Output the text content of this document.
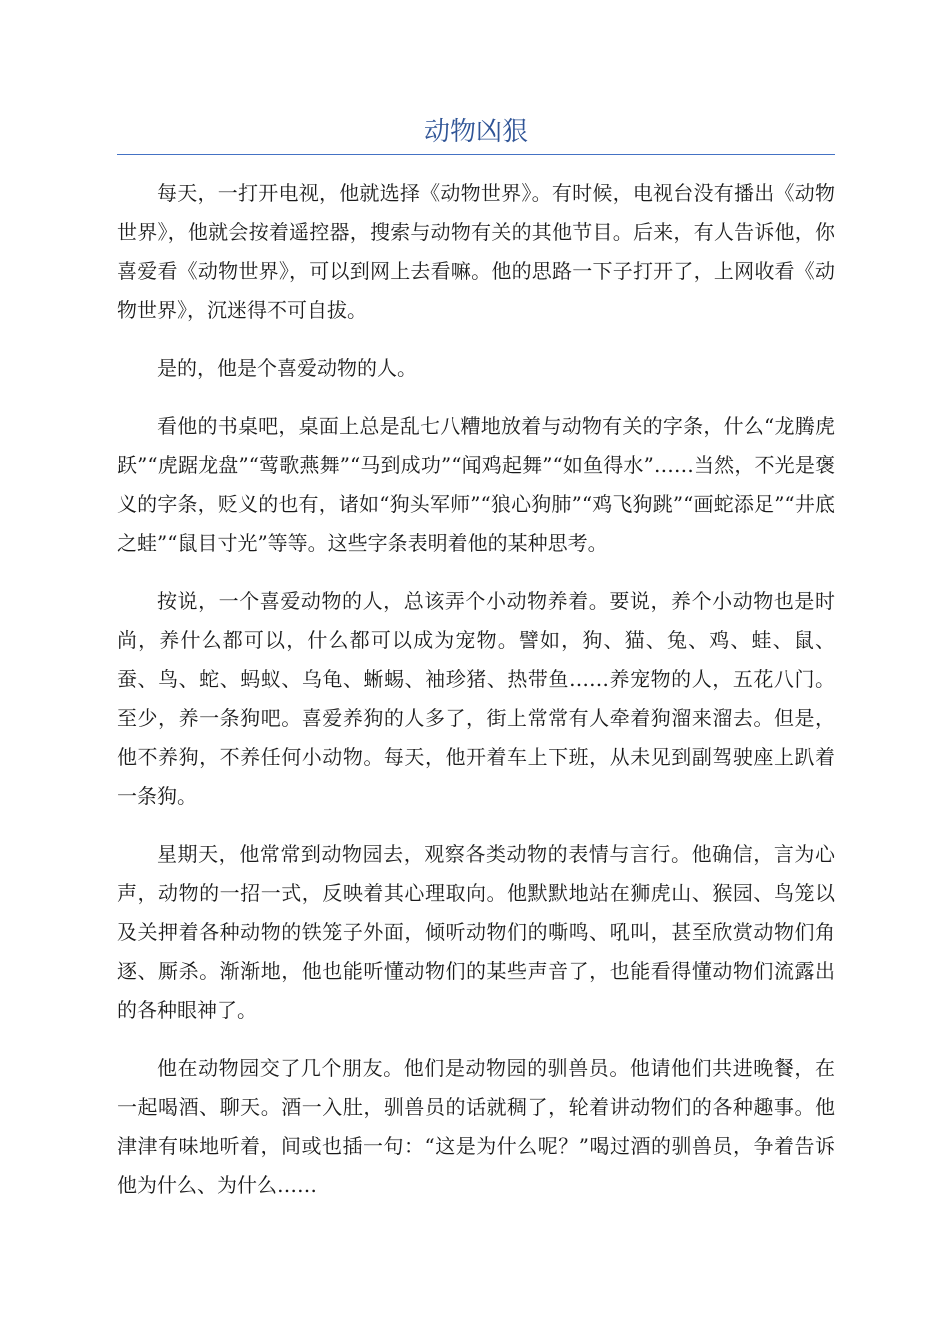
动物凶狠

每天，一打开电视，他就选择《动物世界》。有时候，电视台没有播出《动物世界》，他就会按着遥控器，搜索与动物有关的其他节目。后来，有人告诉他，你喜爱看《动物世界》，可以到网上去看嘛。他的思路一下子打开了，上网收看《动物世界》，沉迷得不可自拔。

是的，他是个喜爱动物的人。

看他的书桌吧，桌面上总是乱七八糟地放着与动物有关的字条，什么“龙腾虎跃”“虎踞龙盘”“莺歌燕舞”“马到成功”“闻鸡起舞”“如鱼得水”……当然，不光是褒义的字条，贬义的也有，诸如“狗头军师”“狼心狗肺”“鸡飞狗跳”“画蛇添足”“井底之蛙”“鼠目寸光”等等。这些字条表明着他的某种思考。

按说，一个喜爱动物的人，总该弄个小动物养着。要说，养个小动物也是时尚，养什么都可以，什么都可以成为宠物。譬如，狗、猫、兔、鸡、蛙、鼠、蚕、鸟、蛇、蚂蚁、乌龟、蜥蜴、袖珍猪、热带鱼……养宠物的人，五花八门。至少，养一条狗吧。喜爱养狗的人多了，街上常常有人牵着狗溜来溜去。但是，他不养狗，不养任何小动物。每天，他开着车上下班，从未见到副驾驶座上趴着一条狗。

星期天，他常常到动物园去，观察各类动物的表情与言行。他确信，言为心声，动物的一招一式，反映着其心理取向。他默默地站在狮虎山、猴园、鸟笼以及关押着各种动物的铁笼子外面，倾听动物们的嘶鸣、吼叫，甚至欣赏动物们角逐、厮杀。渐渐地，他也能听懂动物们的某些声音了，也能看得懂动物们流露出的各种眼神了。

他在动物园交了几个朋友。他们是动物园的驯兽员。他请他们共进晚餐，在一起喝酒、聊天。酒一入肚，驯兽员的话就稠了，轮着讲动物们的各种趣事。他津津有味地听着，间或也插一句：“这是为什么呢？”喝过酒的驯兽员，争着告诉他为什么、为什么……
